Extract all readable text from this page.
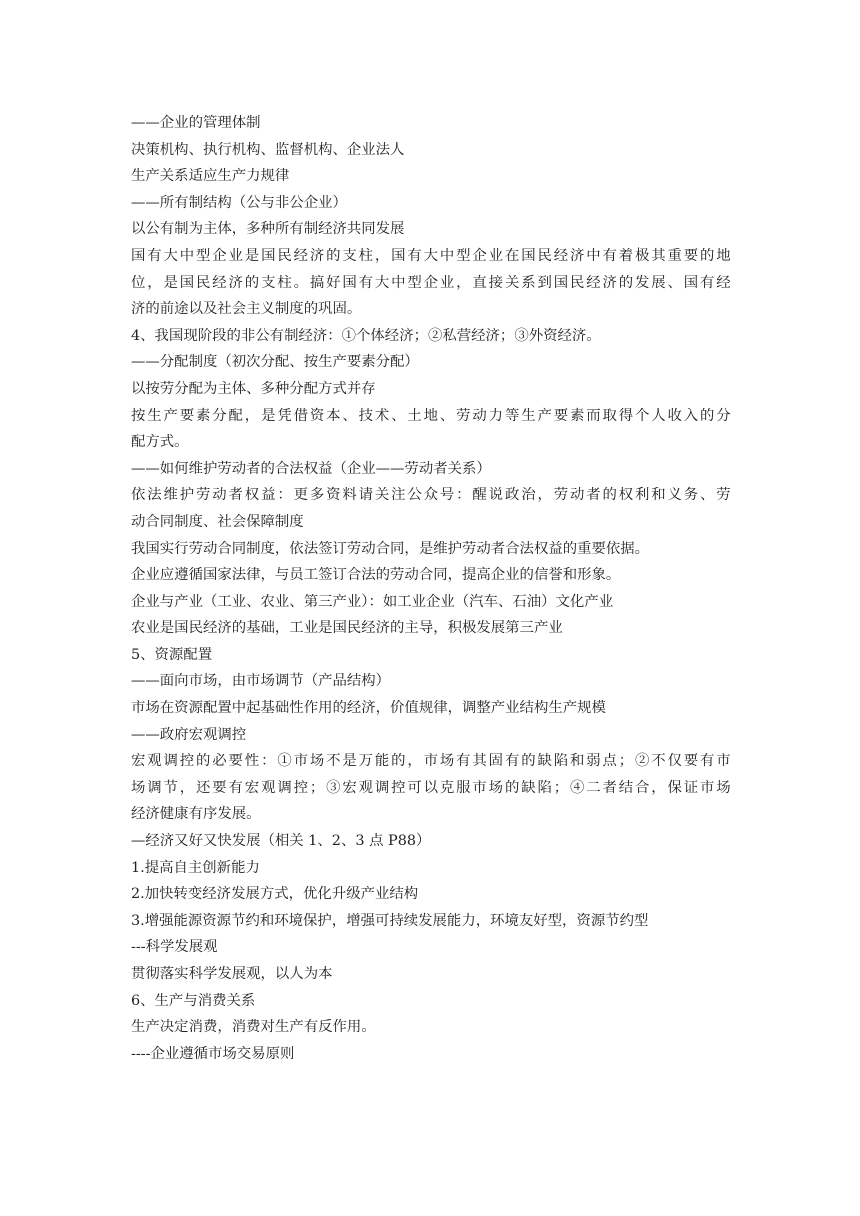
——企业的管理体制
决策机构、执行机构、监督机构、企业法人
生产关系适应生产力规律
——所有制结构（公与非公企业）
以公有制为主体，多种所有制经济共同发展
国有大中型企业是国民经济的支柱，国有大中型企业在国民经济中有着极其重要的地
位，是国民经济的支柱。搞好国有大中型企业，直接关系到国民经济的发展、国有经
济的前途以及社会主义制度的巩固。
4、我国现阶段的非公有制经济：①个体经济；②私营经济；③外资经济。
——分配制度（初次分配、按生产要素分配）
以按劳分配为主体、多种分配方式并存
按生产要素分配，是凭借资本、技术、土地、劳动力等生产要素而取得个人收入的分
配方式。
——如何维护劳动者的合法权益（企业——劳动者关系）
依法维护劳动者权益：更多资料请关注公众号：醒说政治，劳动者的权利和义务、劳
动合同制度、社会保障制度
我国实行劳动合同制度，依法签订劳动合同，是维护劳动者合法权益的重要依据。
企业应遵循国家法律，与员工签订合法的劳动合同，提高企业的信誉和形象。
企业与产业（工业、农业、第三产业）：如工业企业（汽车、石油）文化产业
农业是国民经济的基础，工业是国民经济的主导，积极发展第三产业
5、资源配置
——面向市场，由市场调节（产品结构）
市场在资源配置中起基础性作用的经济，价值规律，调整产业结构生产规模
——政府宏观调控
宏观调控的必要性：①市场不是万能的，市场有其固有的缺陷和弱点；②不仅要有市
场调节，还要有宏观调控；③宏观调控可以克服市场的缺陷；④二者结合，保证市场
经济健康有序发展。
—经济又好又快发展（相关 1、2、3 点 P88）
1.提高自主创新能力
2.加快转变经济发展方式，优化升级产业结构
3.增强能源资源节约和环境保护，增强可持续发展能力，环境友好型，资源节约型
---科学发展观
贯彻落实科学发展观，以人为本
6、生产与消费关系
生产决定消费，消费对生产有反作用。
----企业遵循市场交易原则
